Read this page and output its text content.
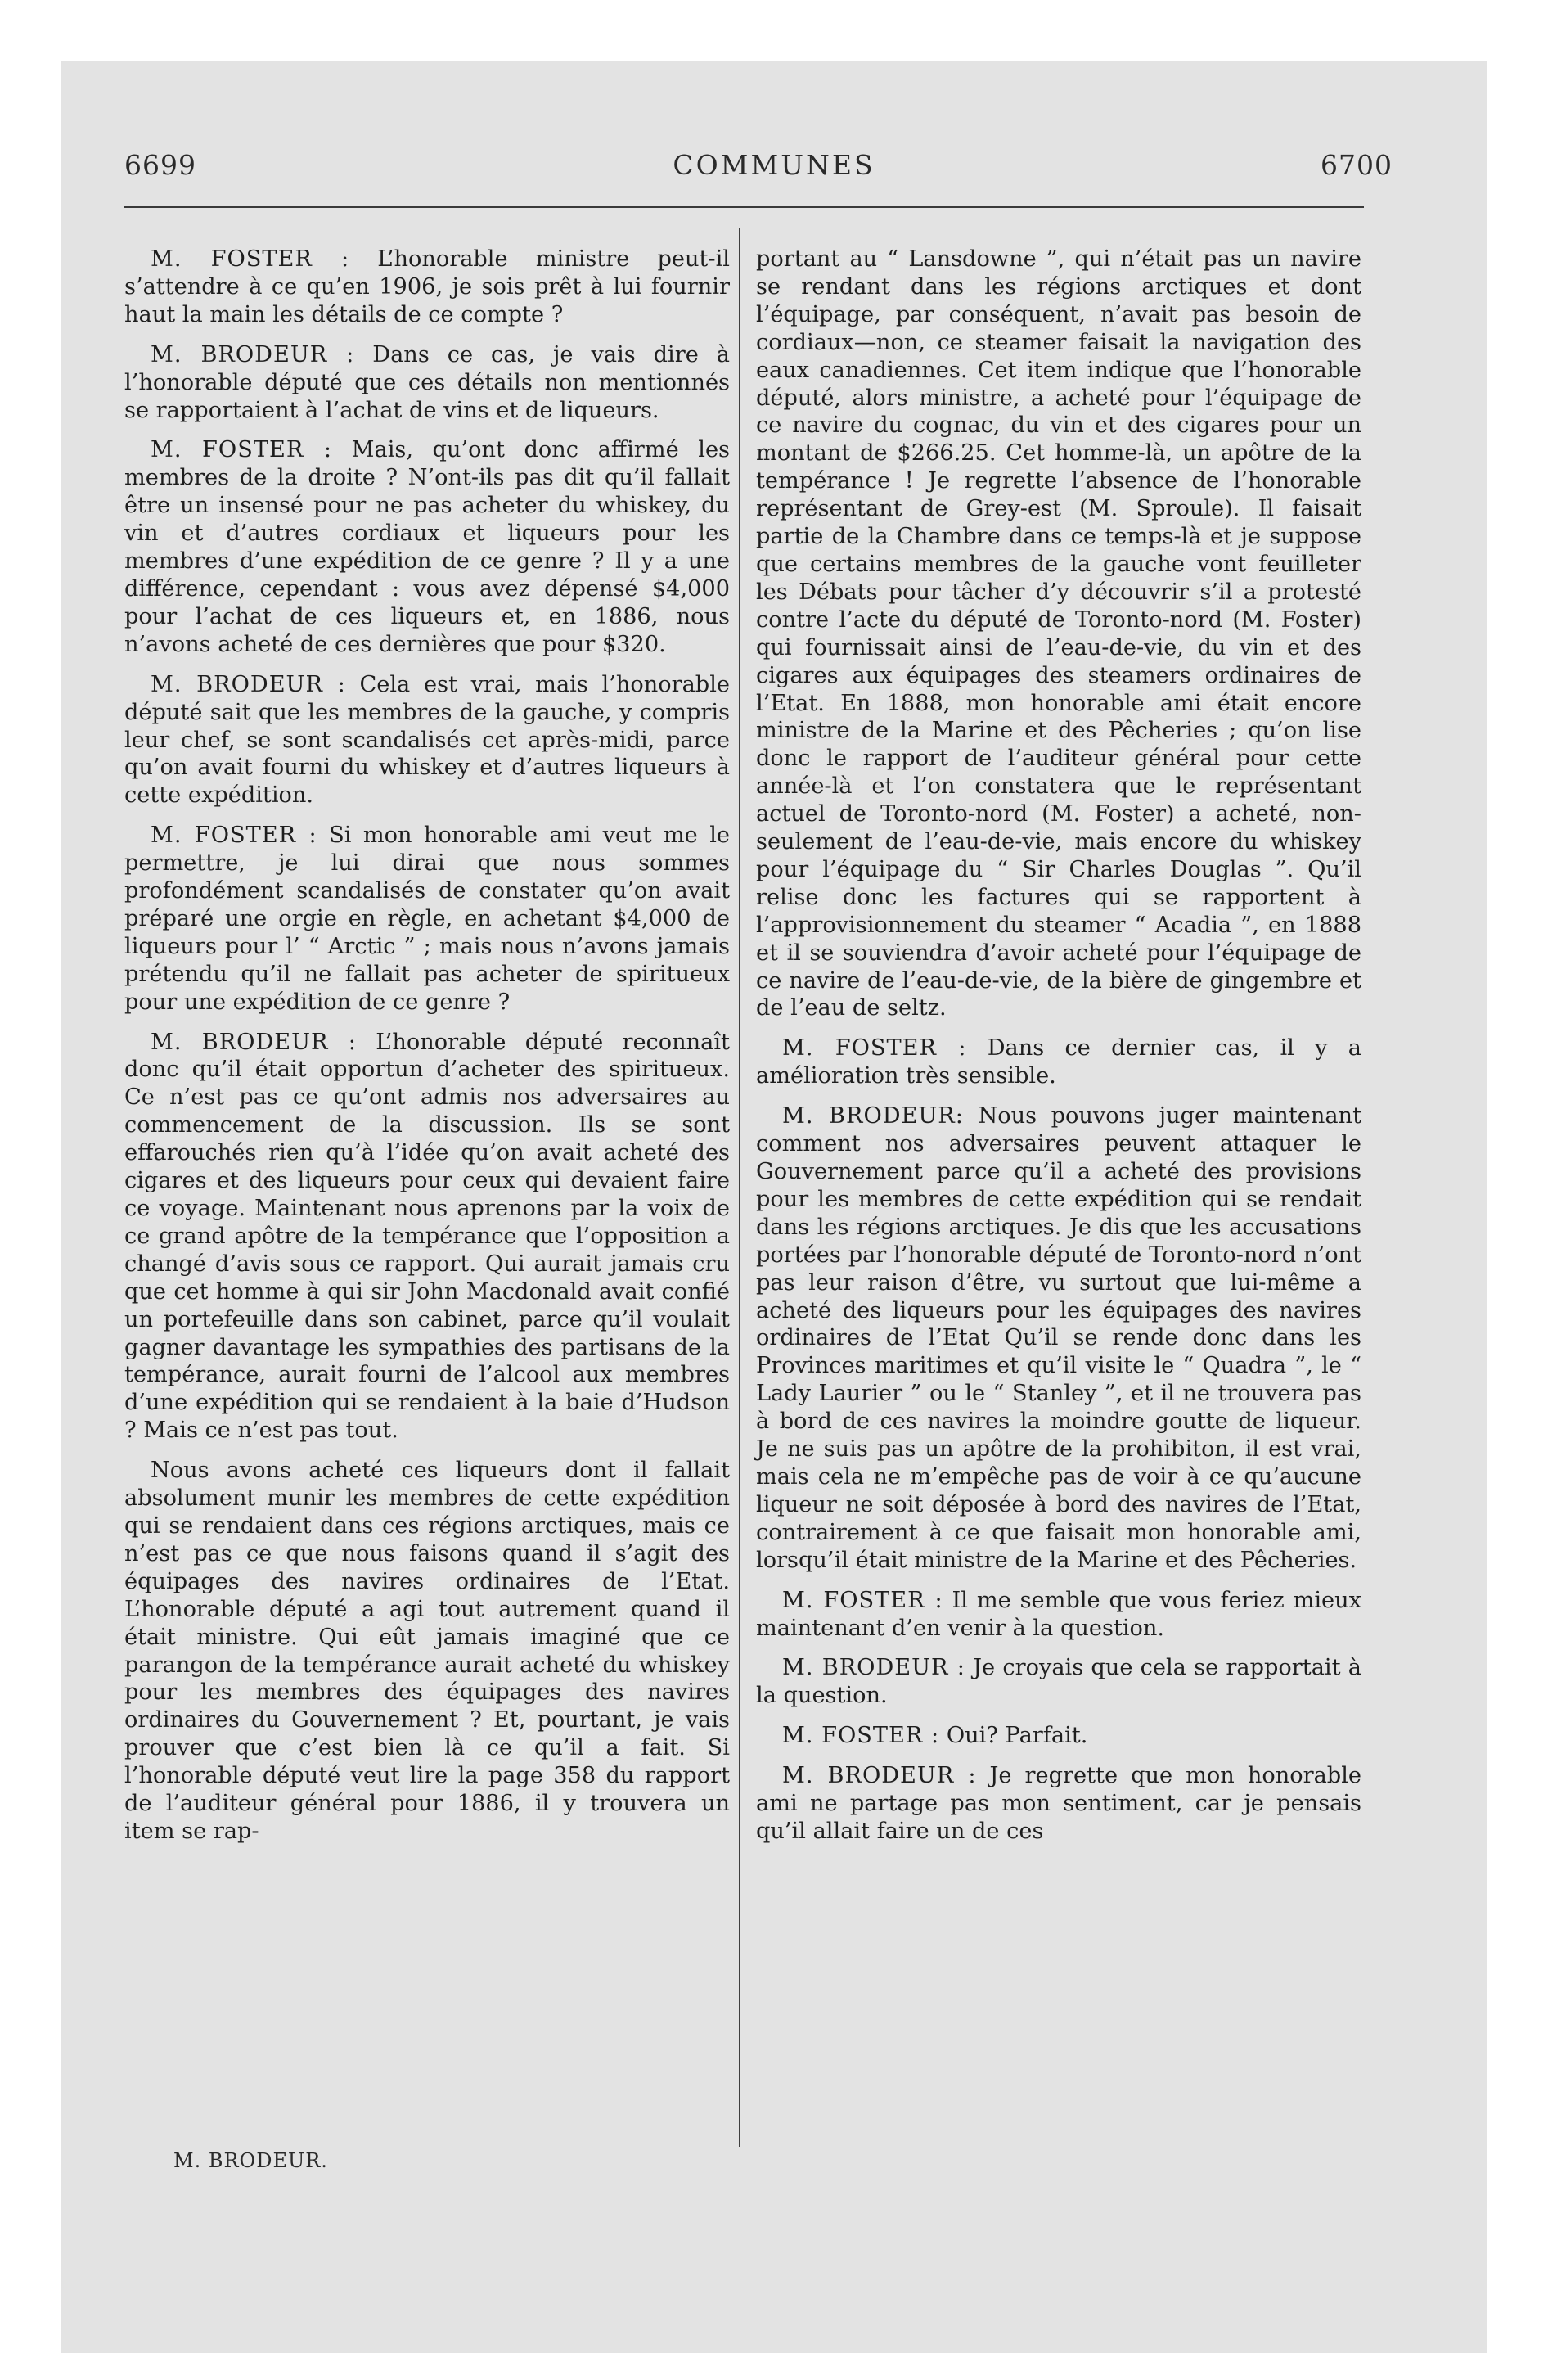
6699	COMMUNES	6700

M. FOSTER : L’honorable ministre peut-il s’attendre à ce qu’en 1906, je sois prêt à lui fournir haut la main les détails de ce compte ?

M. BRODEUR : Dans ce cas, je vais dire à l’honorable député que ces détails non mentionnés se rapportaient à l’achat de vins et de liqueurs.

M. FOSTER : Mais, qu’ont donc affirmé les membres de la droite ? N’ont-ils pas dit qu’il fallait être un insensé pour ne pas acheter du whiskey, du vin et d’autres cordiaux et liqueurs pour les membres d’une expédition de ce genre ? Il y a une différence, cependant : vous avez dépensé $4,000 pour l’achat de ces liqueurs et, en 1886, nous n’avons acheté de ces dernières que pour $320.

M. BRODEUR : Cela est vrai, mais l’honorable député sait que les membres de la gauche, y compris leur chef, se sont scandalisés cet après-midi, parce qu’on avait fourni du whiskey et d’autres liqueurs à cette expédition.

M. FOSTER : Si mon honorable ami veut me le permettre, je lui dirai que nous sommes profondément scandalisés de constater qu’on avait préparé une orgie en règle, en achetant $4,000 de liqueurs pour l’ “ Arctic ” ; mais nous n’avons jamais prétendu qu’il ne fallait pas acheter de spiritueux pour une expédition de ce genre ?

M. BRODEUR : L’honorable député reconnaît donc qu’il était opportun d’acheter des spiritueux. Ce n’est pas ce qu’ont admis nos adversaires au commencement de la discussion. Ils se sont effarouchés rien qu’à l’idée qu’on avait acheté des cigares et des liqueurs pour ceux qui devaient faire ce voyage. Maintenant nous aprenons par la voix de ce grand apôtre de la tempérance que l’opposition a changé d’avis sous ce rapport. Qui aurait jamais cru que cet homme à qui sir John Macdonald avait confié un portefeuille dans son cabinet, parce qu’il voulait gagner davantage les sympathies des partisans de la tempérance, aurait fourni de l’alcool aux membres d’une expédition qui se rendaient à la baie d’Hudson ? Mais ce n’est pas tout.

Nous avons acheté ces liqueurs dont il fallait absolument munir les membres de cette expédition qui se rendaient dans ces régions arctiques, mais ce n’est pas ce que nous faisons quand il s’agit des équipages des navires ordinaires de l’Etat. L’honorable député a agi tout autrement quand il était ministre. Qui eût jamais imaginé que ce parangon de la tempérance aurait acheté du whiskey pour les membres des équipages des navires ordinaires du Gouvernement ? Et, pourtant, je vais prouver que c’est bien là ce qu’il a fait. Si l’honorable député veut lire la page 358 du rapport de l’auditeur général pour 1886, il y trouvera un item se rap-

portant au “ Lansdowne ”, qui n’était pas un navire se rendant dans les régions arctiques et dont l’équipage, par conséquent, n’avait pas besoin de cordiaux—non, ce steamer faisait la navigation des eaux canadiennes. Cet item indique que l’honorable député, alors ministre, a acheté pour l’équipage de ce navire du cognac, du vin et des cigares pour un montant de $266.25. Cet homme-là, un apôtre de la tempérance ! Je regrette l’absence de l’honorable représentant de Grey-est (M. Sproule). Il faisait partie de la Chambre dans ce temps-là et je suppose que certains membres de la gauche vont feuilleter les Débats pour tâcher d’y découvrir s’il a protesté contre l’acte du député de Toronto-nord (M. Foster) qui fournissait ainsi de l’eau-de-vie, du vin et des cigares aux équipages des steamers ordinaires de l’Etat. En 1888, mon honorable ami était encore ministre de la Marine et des Pêcheries ; qu’on lise donc le rapport de l’auditeur général pour cette année-là et l’on constatera que le représentant actuel de Toronto-nord (M. Foster) a acheté, non-seulement de l’eau-de-vie, mais encore du whiskey pour l’équipage du “ Sir Charles Douglas ”. Qu’il relise donc les factures qui se rapportent à l’approvisionnement du steamer “ Acadia ”, en 1888 et il se souviendra d’avoir acheté pour l’équipage de ce navire de l’eau-de-vie, de la bière de gingembre et de l’eau de seltz.

M. FOSTER : Dans ce dernier cas, il y a amélioration très sensible.

M. BRODEUR: Nous pouvons juger maintenant comment nos adversaires peuvent attaquer le Gouvernement parce qu’il a acheté des provisions pour les membres de cette expédition qui se rendait dans les régions arctiques. Je dis que les accusations portées par l’honorable député de Toronto-nord n’ont pas leur raison d’être, vu surtout que lui-même a acheté des liqueurs pour les équipages des navires ordinaires de l’Etat Qu’il se rende donc dans les Provinces maritimes et qu’il visite le “ Quadra ”, le “ Lady Laurier ” ou le “ Stanley ”, et il ne trouvera pas à bord de ces navires la moindre goutte de liqueur. Je ne suis pas un apôtre de la prohibiton, il est vrai, mais cela ne m’empêche pas de voir à ce qu’aucune liqueur ne soit déposée à bord des navires de l’Etat, contrairement à ce que faisait mon honorable ami, lorsqu’il était ministre de la Marine et des Pêcheries.

M. FOSTER : Il me semble que vous feriez mieux maintenant d’en venir à la question.

M. BRODEUR : Je croyais que cela se rapportait à la question.

M. FOSTER : Oui? Parfait.

M. BRODEUR : Je regrette que mon honorable ami ne partage pas mon sentiment, car je pensais qu’il allait faire un de ces

M. BRODEUR.
